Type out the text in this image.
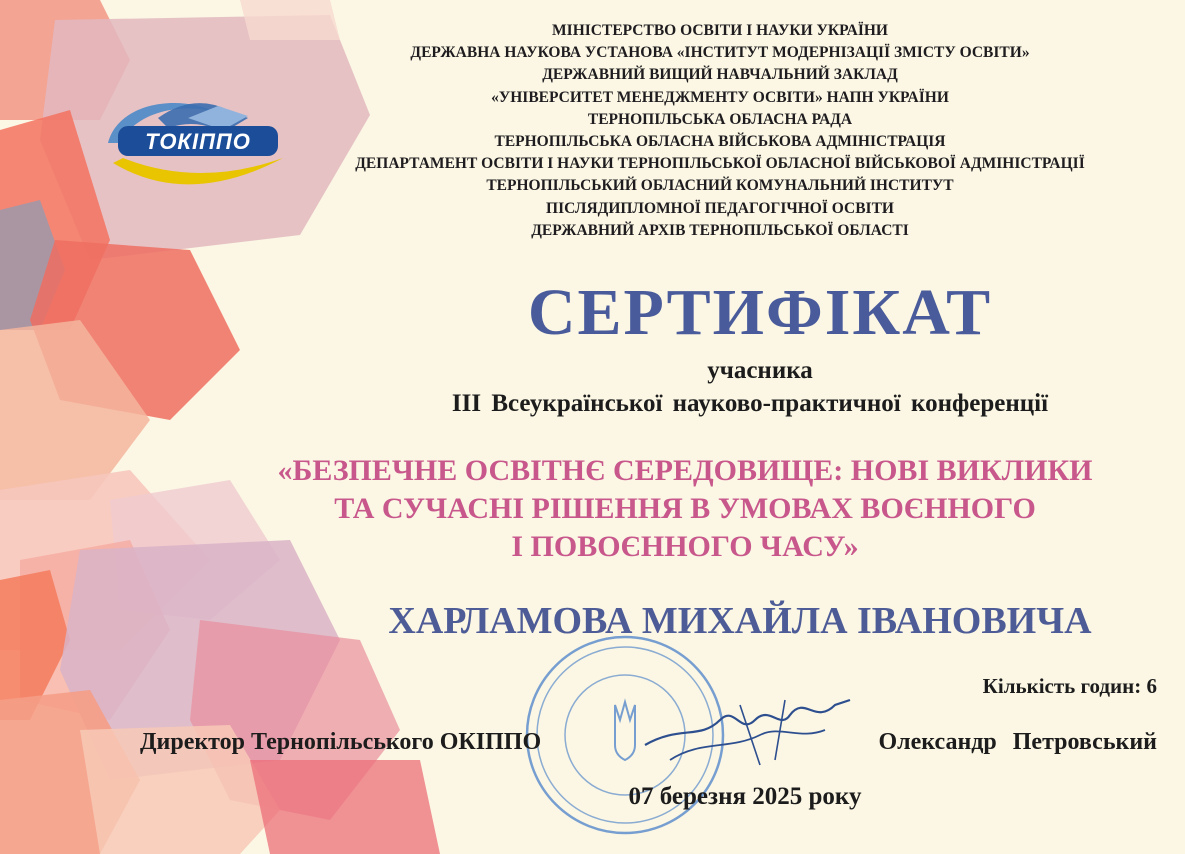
ТОКІППО
МІНІСТЕРСТВО ОСВІТИ І НАУКИ УКРАЇНИ
ДЕРЖАВНА НАУКОВА УСТАНОВА «ІНСТИТУТ МОДЕРНІЗАЦІЇ ЗМІСТУ ОСВІТИ»
ДЕРЖАВНИЙ ВИЩИЙ НАВЧАЛЬНИЙ ЗАКЛАД
«УНІВЕРСИТЕТ МЕНЕДЖМЕНТУ ОСВІТИ» НАПН УКРАЇНИ
ТЕРНОПІЛЬСЬКА ОБЛАСНА РАДА
ТЕРНОПІЛЬСЬКА ОБЛАСНА ВІЙСЬКОВА АДМІНІСТРАЦІЯ
ДЕПАРТАМЕНТ ОСВІТИ І НАУКИ ТЕРНОПІЛЬСЬКОЇ ОБЛАСНОЇ ВІЙСЬКОВОЇ АДМІНІСТРАЦІЇ
ТЕРНОПІЛЬСЬКИЙ ОБЛАСНИЙ КОМУНАЛЬНИЙ ІНСТИТУТ
ПІСЛЯДИПЛОМНОЇ ПЕДАГОГІЧНОЇ ОСВІТИ
ДЕРЖАВНИЙ АРХІВ ТЕРНОПІЛЬСЬКОЇ ОБЛАСТІ
СЕРТИФІКАТ
учасника
ІІІ Всеукраїнської науково-практичної конференції
«БЕЗПЕЧНЕ ОСВІТНЄ СЕРЕДОВИЩЕ: НОВІ ВИКЛИКИ
ТА СУЧАСНІ РІШЕННЯ В УМОВАХ ВОЄННОГО
І ПОВОЄННОГО ЧАСУ»
ХАРЛАМОВА МИХАЙЛА ІВАНОВИЧА
Кількість годин: 6
Директор Тернопільського ОКІППО	Олександр Петровський
07 березня 2025 року
